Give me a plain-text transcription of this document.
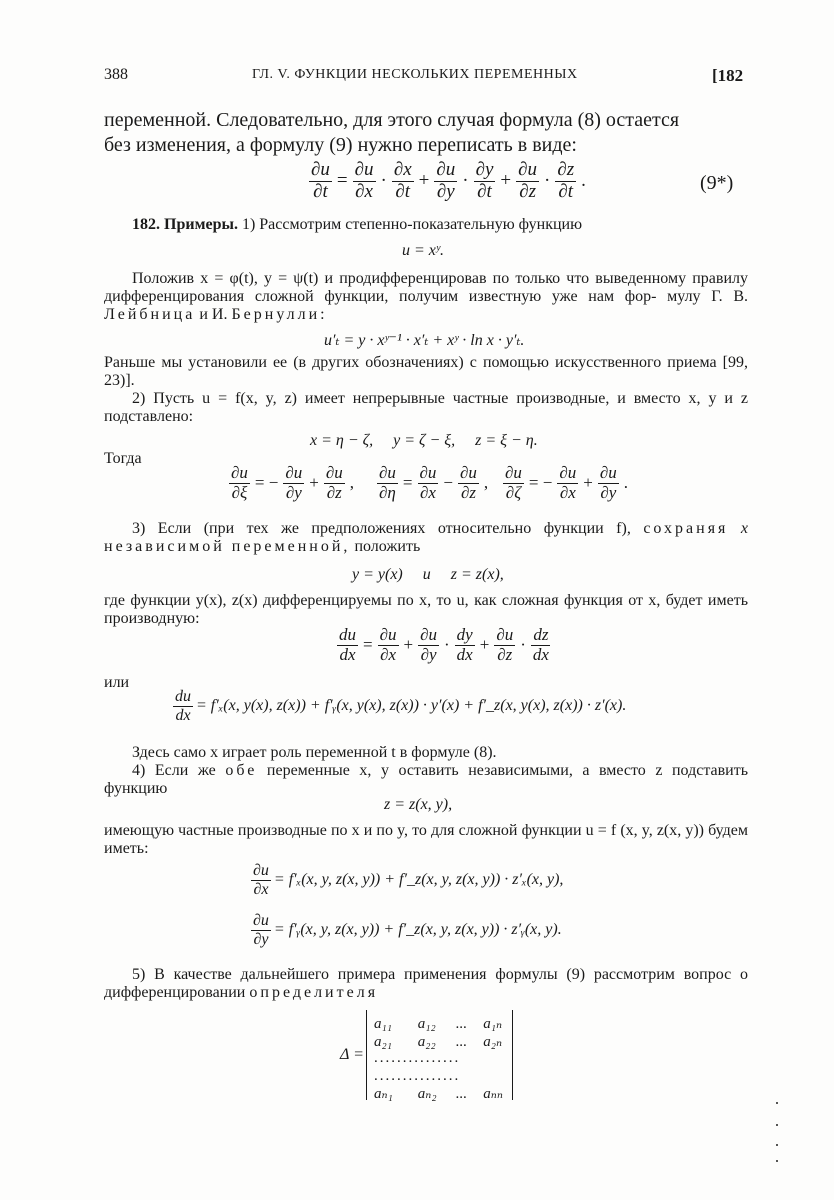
388	ГЛ. V. ФУНКЦИИ НЕСКОЛЬКИХ ПЕРЕМЕННЫХ	[182
переменной. Следовательно, для этого случая формула (8) остается
без изменения, а формулу (9) нужно переписать в виде:
$\frac{\partial u}{\partial t} = \frac{\partial u}{\partial x} \cdot \frac{\partial x}{\partial t} + \frac{\partial u}{\partial y} \cdot \frac{\partial y}{\partial t} + \frac{\partial u}{\partial z} \cdot \frac{\partial z}{\partial t}$ .	(9*)
182. Примеры. 1) Рассмотрим степенно-показательную функцию
u = xʸ.
Положив x = φ(t), y = ψ(t) и продифференцировав по только что выведенному правилу дифференцирования сложной функции, получим известную уже нам фор- мулу Г. В. Лейбница и И. Бернулли:
u′ₜ = y · xʸ⁻¹ · x′ₜ + xʸ · ln x · y′ₜ.
Раньше мы установили ее (в других обозначениях) с помощью искусственного приема [99, 23)].
2) Пусть u = f(x, y, z) имеет непрерывные частные производные, и вместо x, y и z подставлено:
x = η − ζ,     y = ζ − ξ,     z = ξ − η.
Тогда
$\frac{\partial u}{\partial\xi}$ = − $\frac{\partial u}{\partial y} + \frac{\partial u}{\partial z}$ , $\frac{\partial u}{\partial\eta} = \frac{\partial u}{\partial x} - \frac{\partial u}{\partial z}$ , $\frac{\partial u}{\partial\zeta}$ = − $\frac{\partial u}{\partial x} + \frac{\partial u}{\partial y}$ .
3) Если (при тех же предположениях относительно функции f), сохраняя x независимой переменной, положить
y = y(x)     и     z = z(x),
где функции y(x), z(x) дифференцируемы по x, то u, как сложная функция от x, будет иметь производную:
$\frac{du}{dx} = \frac{\partial u}{\partial x} + \frac{\partial u}{\partial y} \cdot \frac{dy}{dx} + \frac{\partial u}{\partial z} \cdot \frac{dz}{dx}$
или
$\frac{du}{dx} = f'_x(x$, y(x), z(x)) + f′ᵧ(x, y(x), z(x)) · y′(x) + f′_z(x, y(x), z(x)) · z′(x).
Здесь само x играет роль переменной t в формуле (8).
4) Если же обе переменные x, y оставить независимыми, а вместо z подставить функцию
z = z(x, y),
имеющую частные производные по x и по y, то для сложной функции u = f (x, y, z(x, y)) будем иметь:
$\frac{\partial u}{\partial x} = f'_x(x$, y, z(x, y)) + f′_z(x, y, z(x, y)) · z′ₓ(x, y),
$\frac{\partial u}{\partial y}$ = f′ᵧ(x, y, z(x, y)) + f′_z(x, y, z(x, y)) · z′ᵧ(x, y).
5) В качестве дальнейшего примера применения формулы (9) рассмотрим вопрос о дифференцировании определителя
Δ =
a₁₁ a₁₂ ... a₁ₙ
a₂₁ a₂₂ ... a₂ₙ
...............
...............
aₙ₁ aₙ₂ ... aₙₙ
